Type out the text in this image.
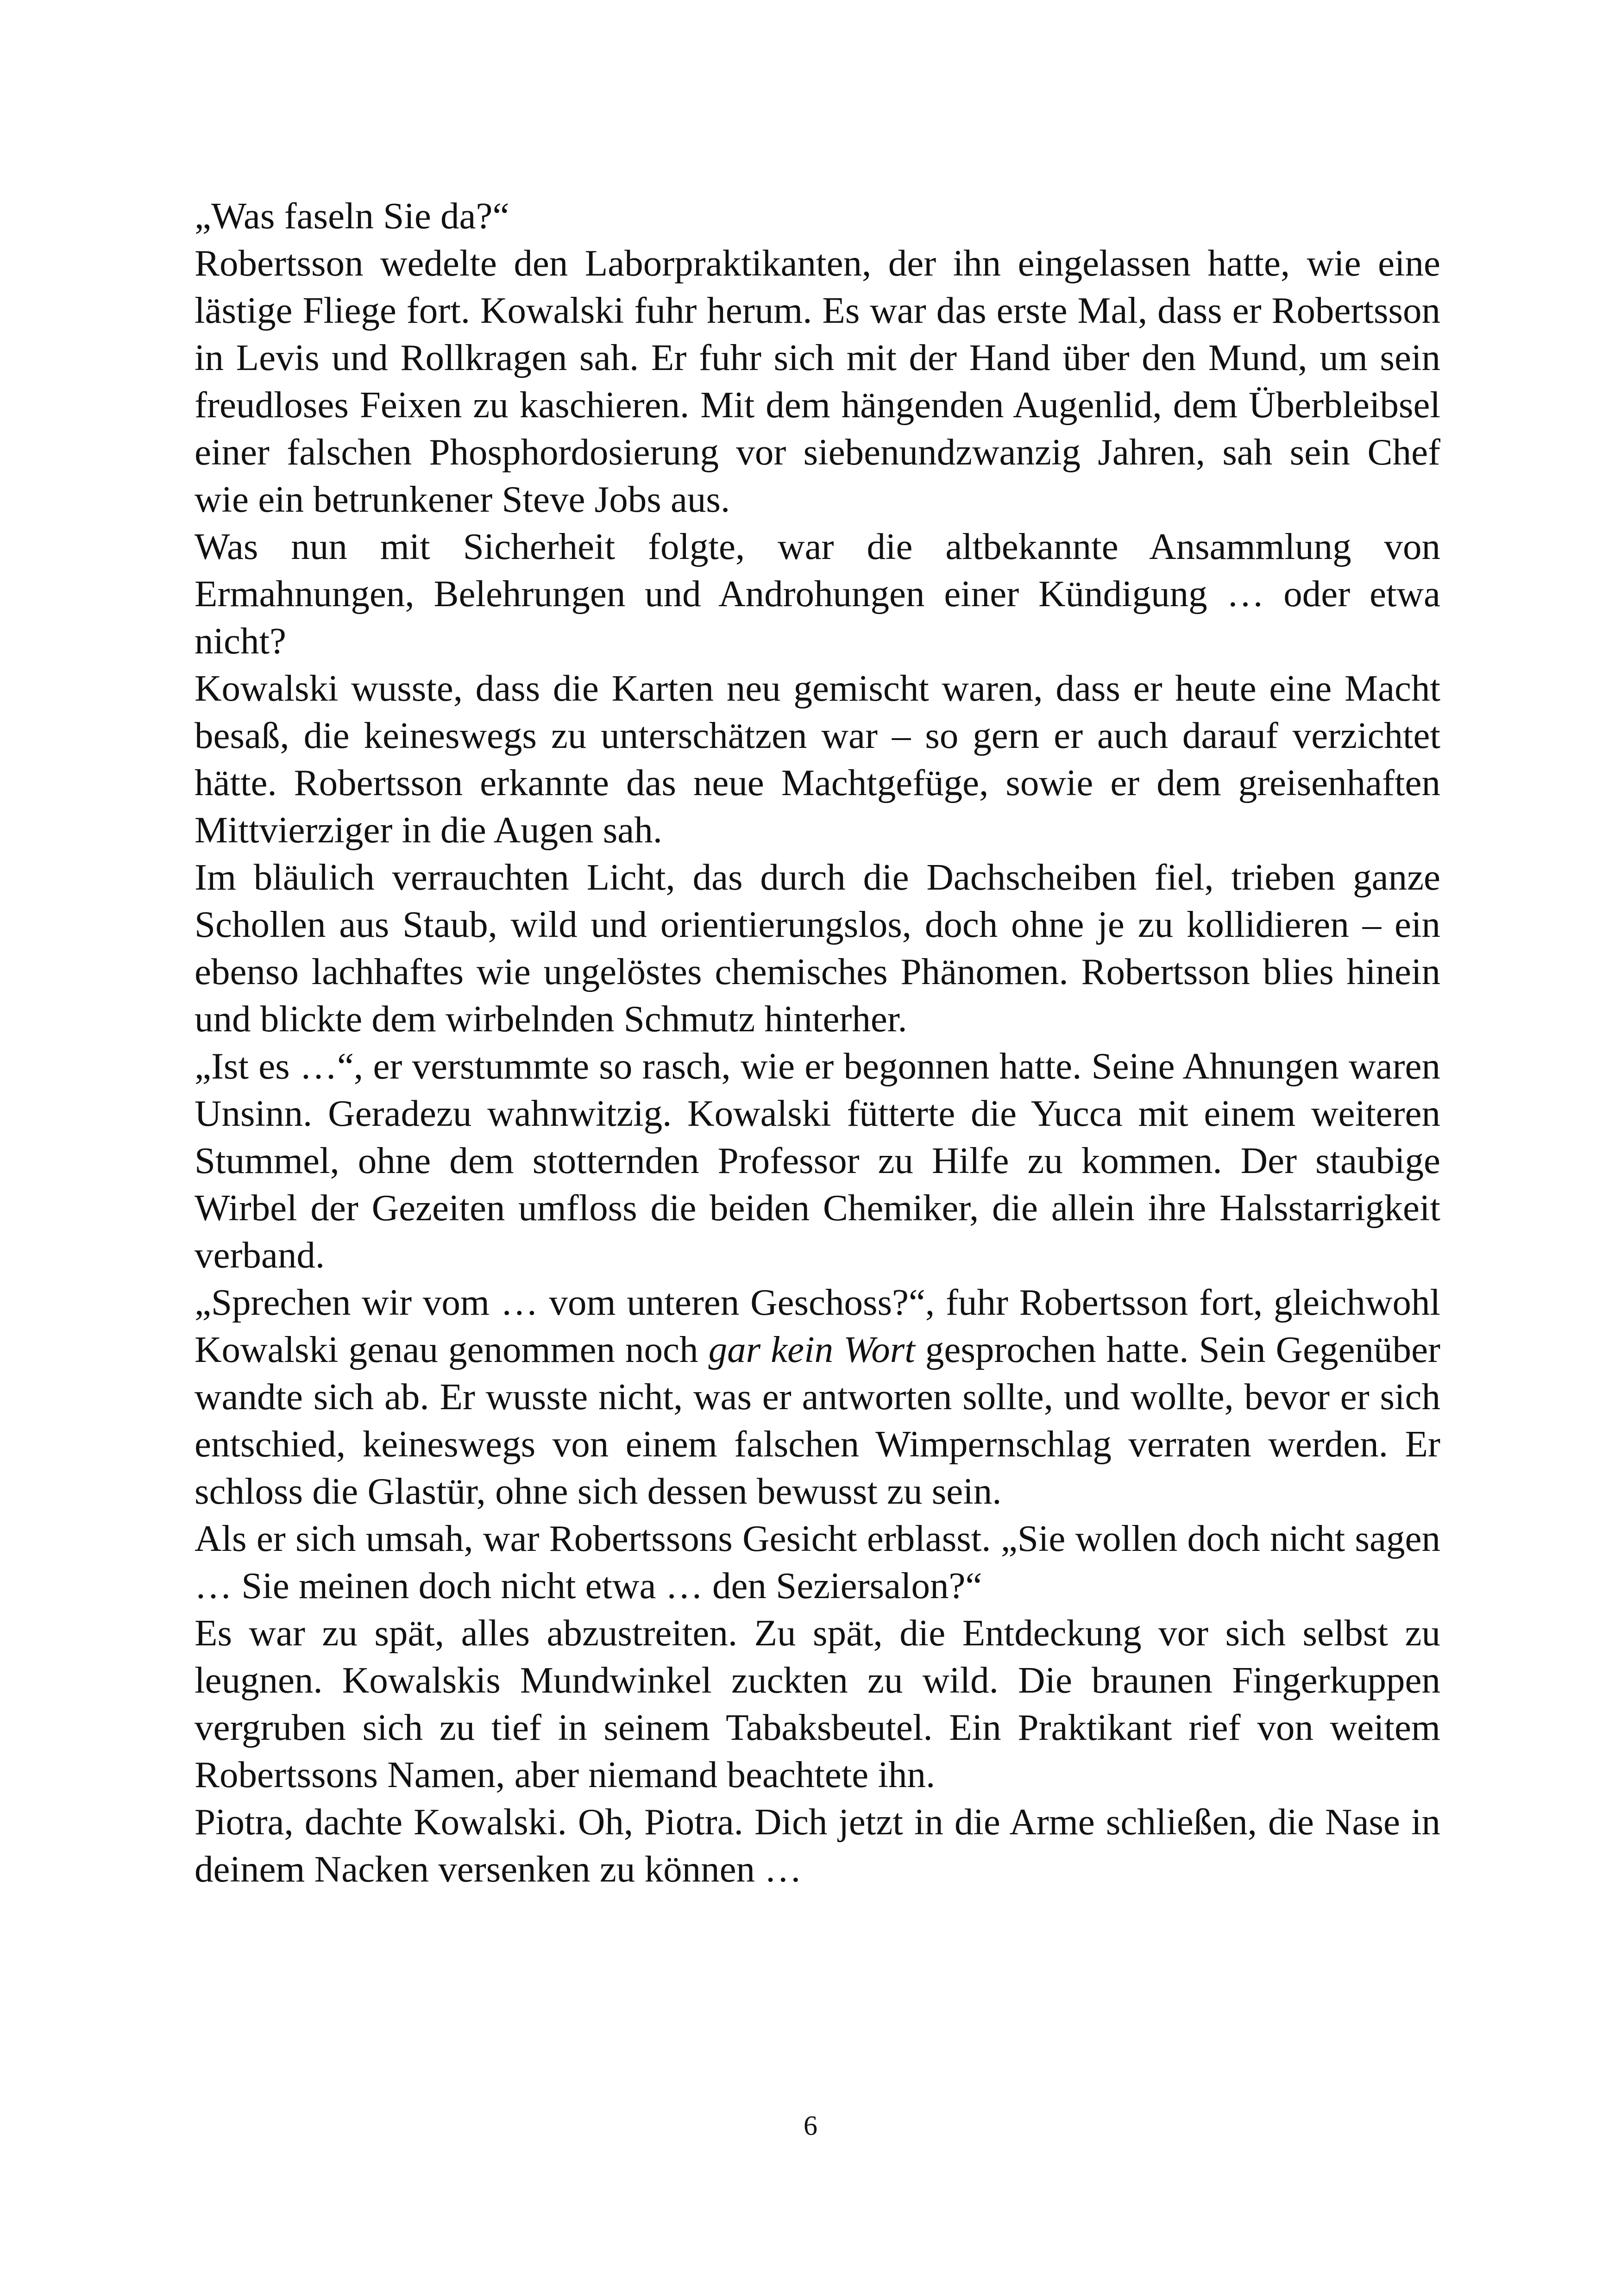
„Was faseln Sie da?“

Robertsson wedelte den Laborpraktikanten, der ihn eingelassen hatte, wie eine lästige Fliege fort. Kowalski fuhr herum. Es war das erste Mal, dass er Robertsson in Levis und Rollkragen sah. Er fuhr sich mit der Hand über den Mund, um sein freudloses Feixen zu kaschieren. Mit dem hängenden Augenlid, dem Überbleibsel einer falschen Phosphordosierung vor siebenundzwanzig Jahren, sah sein Chef wie ein betrunkener Steve Jobs aus.

Was nun mit Sicherheit folgte, war die altbekannte Ansammlung von Ermahnungen, Belehrungen und Androhungen einer Kündigung … oder etwa nicht?

Kowalski wusste, dass die Karten neu gemischt waren, dass er heute eine Macht besaß, die keineswegs zu unterschätzen war – so gern er auch darauf verzichtet hätte. Robertsson erkannte das neue Machtgefüge, sowie er dem greisenhaften Mittvierziger in die Augen sah.

Im bläulich verrauchten Licht, das durch die Dachscheiben fiel, trieben ganze Schollen aus Staub, wild und orientierungslos, doch ohne je zu kollidieren – ein ebenso lachhaftes wie ungelöstes chemisches Phänomen. Robertsson blies hinein und blickte dem wirbelnden Schmutz hinterher.

„Ist es …“, er verstummte so rasch, wie er begonnen hatte. Seine Ahnungen waren Unsinn. Geradezu wahnwitzig. Kowalski fütterte die Yucca mit einem weiteren Stummel, ohne dem stotternden Professor zu Hilfe zu kommen. Der staubige Wirbel der Gezeiten umfloss die beiden Chemiker, die allein ihre Halsstarrigkeit verband.

„Sprechen wir vom … vom unteren Geschoss?“, fuhr Robertsson fort, gleichwohl Kowalski genau genommen noch gar kein Wort gesprochen hatte. Sein Gegenüber wandte sich ab. Er wusste nicht, was er antworten sollte, und wollte, bevor er sich entschied, keineswegs von einem falschen Wimpernschlag verraten werden. Er schloss die Glastür, ohne sich dessen bewusst zu sein.

Als er sich umsah, war Robertssons Gesicht erblasst. „Sie wollen doch nicht sagen … Sie meinen doch nicht etwa … den Seziersalon?“

Es war zu spät, alles abzustreiten. Zu spät, die Entdeckung vor sich selbst zu leugnen. Kowalskis Mundwinkel zuckten zu wild. Die braunen Fingerkuppen vergruben sich zu tief in seinem Tabaksbeutel. Ein Praktikant rief von weitem Robertssons Namen, aber niemand beachtete ihn.

Piotra, dachte Kowalski. Oh, Piotra. Dich jetzt in die Arme schließen, die Nase in deinem Nacken versenken zu können …

6
